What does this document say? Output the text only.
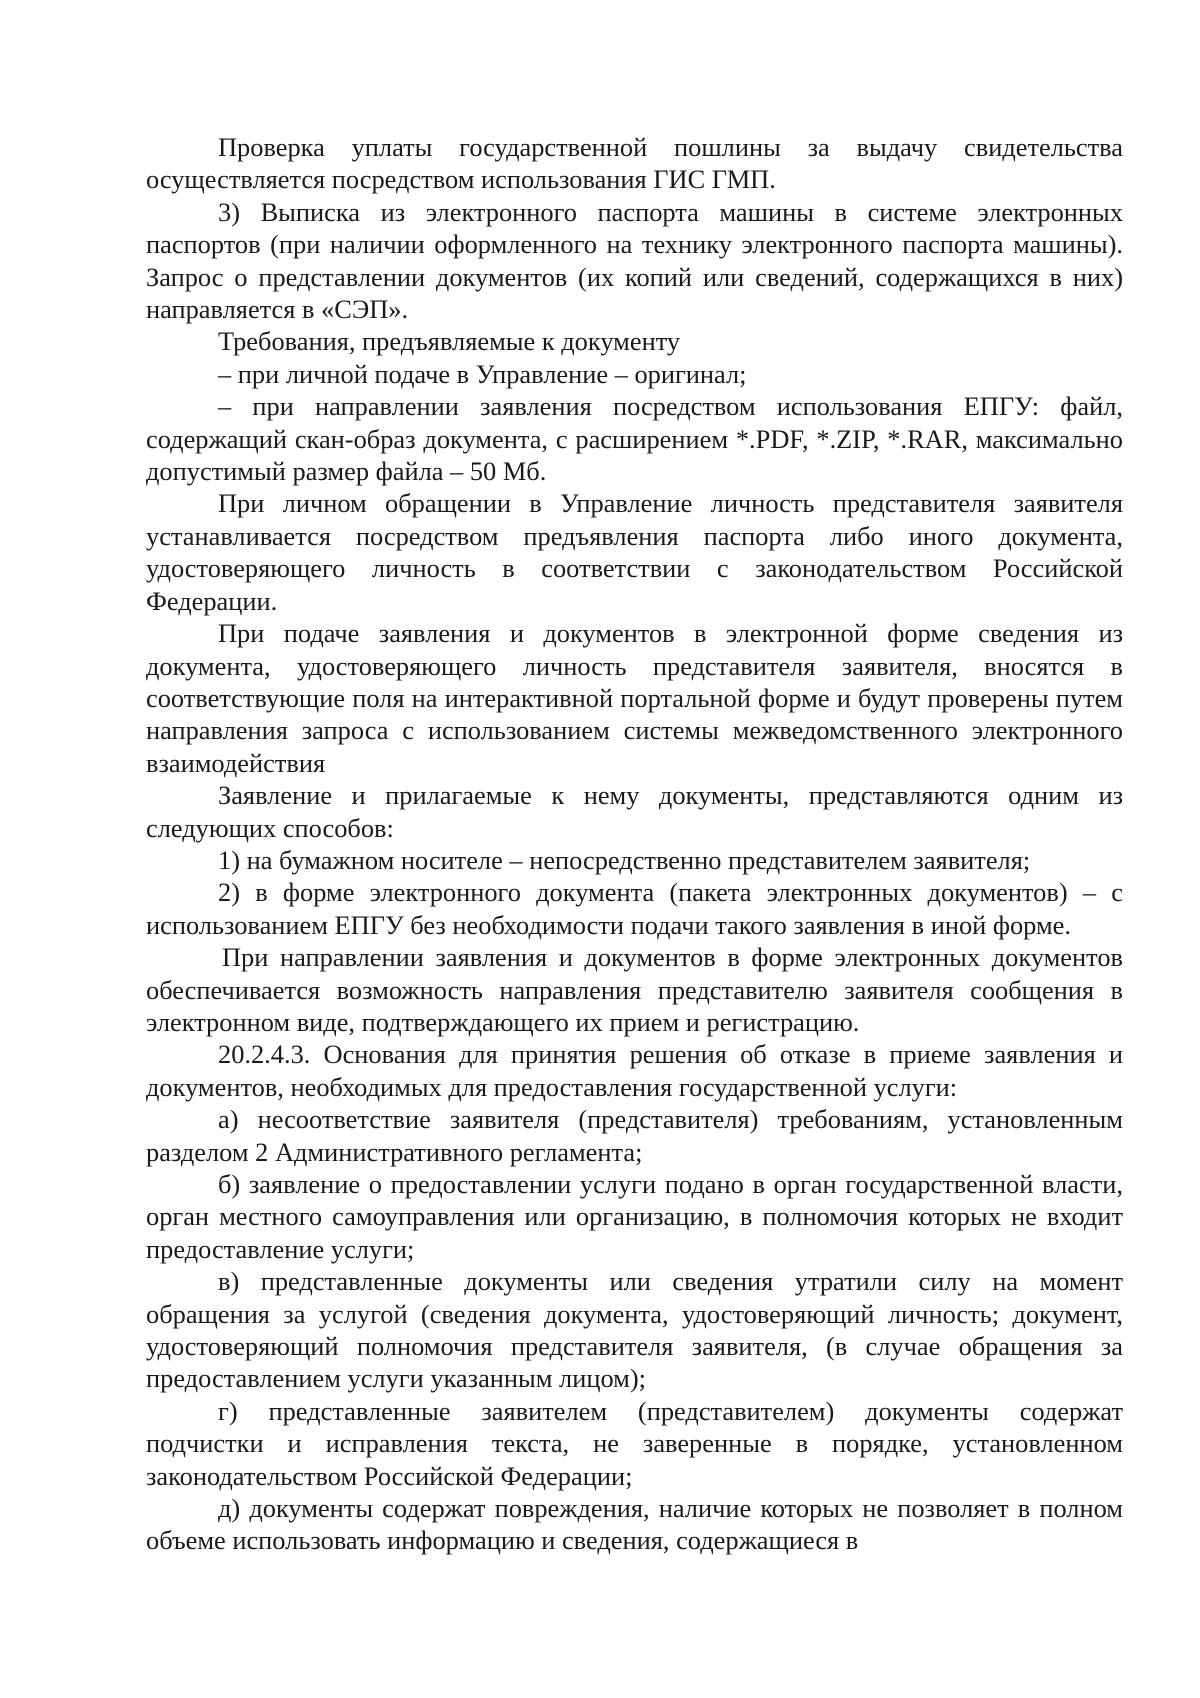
Проверка уплаты государственной пошлины за выдачу свидетельства осуществляется посредством использования ГИС ГМП.

3) Выписка из электронного паспорта машины в системе электронных паспортов (при наличии оформленного на технику электронного паспорта машины). Запрос о представлении документов (их копий или сведений, содержащихся в них) направляется в «СЭП».

Требования, предъявляемые к документу

– при личной подаче в Управление – оригинал;

– при направлении заявления посредством использования ЕПГУ: файл, содержащий скан-образ документа, с расширением *.PDF, *.ZIP, *.RAR, максимально допустимый размер файла – 50 Мб.

При личном обращении в Управление личность представителя заявителя устанавливается посредством предъявления паспорта либо иного документа, удостоверяющего личность в соответствии с законодательством Российской Федерации.

При подаче заявления и документов в электронной форме сведения из документа, удостоверяющего личность представителя заявителя, вносятся в соответствующие поля на интерактивной портальной форме и будут проверены путем направления запроса с использованием системы межведомственного электронного взаимодействия

Заявление и прилагаемые к нему документы, представляются одним из следующих способов:

1) на бумажном носителе – непосредственно представителем заявителя;

2) в форме электронного документа (пакета электронных документов) – с использованием ЕПГУ без необходимости подачи такого заявления в иной форме.

При направлении заявления и документов в форме электронных документов обеспечивается возможность направления представителю заявителя сообщения в электронном виде, подтверждающего их прием и регистрацию.

20.2.4.3. Основания для принятия решения об отказе в приеме заявления и документов, необходимых для предоставления государственной услуги:

а) несоответствие заявителя (представителя) требованиям, установленным разделом 2 Административного регламента;

б) заявление о предоставлении услуги подано в орган государственной власти, орган местного самоуправления или организацию, в полномочия которых не входит предоставление услуги;

в) представленные документы или сведения утратили силу на момент обращения за услугой (сведения документа, удостоверяющий личность; документ, удостоверяющий полномочия представителя заявителя, (в случае обращения за предоставлением услуги указанным лицом);

г) представленные заявителем (представителем) документы содержат подчистки и исправления текста, не заверенные в порядке, установленном законодательством Российской Федерации;

д) документы содержат повреждения, наличие которых не позволяет в полном объеме использовать информацию и сведения, содержащиеся в
